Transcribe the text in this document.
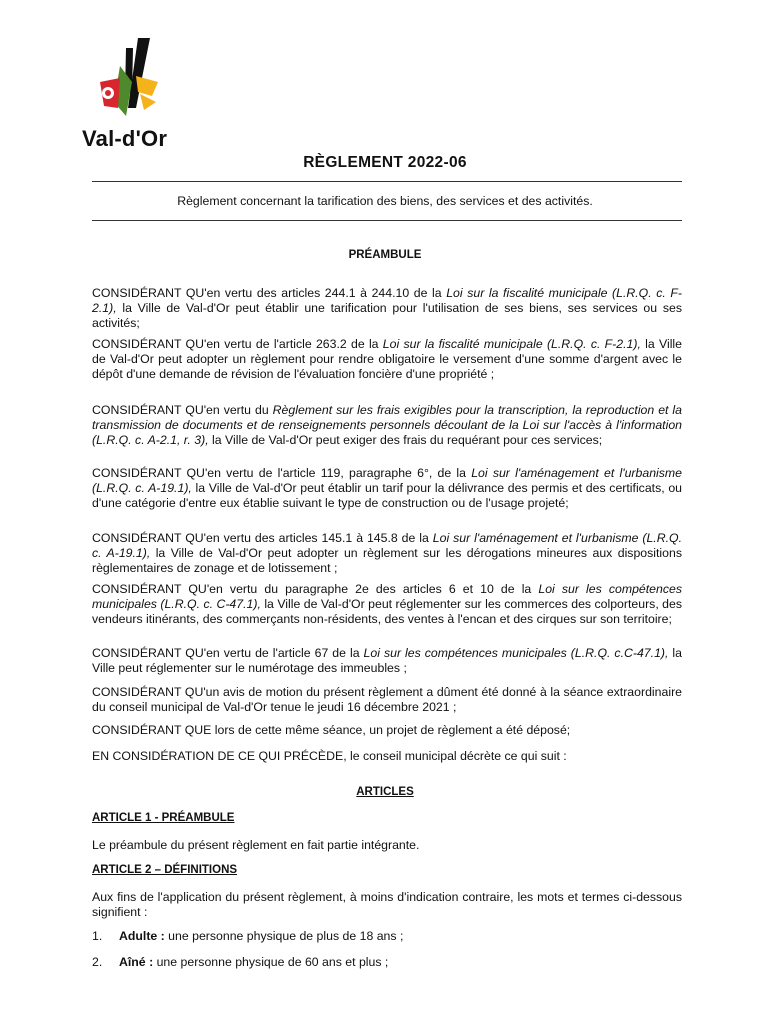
Val-d'Or
RÈGLEMENT 2022-06
Règlement concernant la tarification des biens, des services et des activités.
PRÉAMBULE
CONSIDÉRANT QU'en vertu des articles 244.1 à 244.10 de la Loi sur la fiscalité municipale (L.R.Q. c. F-2.1), la Ville de Val-d'Or peut établir une tarification pour l'utilisation de ses biens, ses services ou ses activités;
CONSIDÉRANT QU'en vertu de l'article 263.2 de la Loi sur la fiscalité municipale (L.R.Q. c. F-2.1), la Ville de Val-d'Or peut adopter un règlement pour rendre obligatoire le versement d'une somme d'argent avec le dépôt d'une demande de révision de l'évaluation foncière d'une propriété ;
CONSIDÉRANT QU'en vertu du Règlement sur les frais exigibles pour la transcription, la reproduction et la transmission de documents et de renseignements personnels découlant de la Loi sur l'accès à l'information (L.R.Q. c. A-2.1, r. 3), la Ville de Val-d'Or peut exiger des frais du requérant pour ces services;
CONSIDÉRANT QU'en vertu de l'article 119, paragraphe 6°, de la Loi sur l'aménagement et l'urbanisme (L.R.Q. c. A-19.1), la Ville de Val-d'Or peut établir un tarif pour la délivrance des permis et des certificats, ou d'une catégorie d'entre eux établie suivant le type de construction ou de l'usage projeté;
CONSIDÉRANT QU'en vertu des articles 145.1 à 145.8 de la Loi sur l'aménagement et l'urbanisme (L.R.Q. c. A-19.1), la Ville de Val-d'Or peut adopter un règlement sur les dérogations mineures aux dispositions règlementaires de zonage et de lotissement ;
CONSIDÉRANT QU'en vertu du paragraphe 2e des articles 6 et 10 de la Loi sur les compétences municipales (L.R.Q. c. C-47.1), la Ville de Val-d'Or peut réglementer sur les commerces des colporteurs, des vendeurs itinérants, des commerçants non-résidents, des ventes à l'encan et des cirques sur son territoire;
CONSIDÉRANT QU'en vertu de l'article 67 de la Loi sur les compétences municipales (L.R.Q. c.C-47.1), la Ville peut réglementer sur le numérotage des immeubles ;
CONSIDÉRANT QU'un avis de motion du présent règlement a dûment été donné à la séance extraordinaire du conseil municipal de Val-d'Or tenue le jeudi 16 décembre 2021 ;
CONSIDÉRANT QUE lors de cette même séance, un projet de règlement a été déposé;
EN CONSIDÉRATION DE CE QUI PRÉCÈDE, le conseil municipal décrète ce qui suit :
ARTICLES
ARTICLE 1 - PRÉAMBULE
Le préambule du présent règlement en fait partie intégrante.
ARTICLE 2 – DÉFINITIONS
Aux fins de l'application du présent règlement, à moins d'indication contraire, les mots et termes ci-dessous signifient :
1. Adulte : une personne physique de plus de 18 ans ;
2. Aîné : une personne physique de 60 ans et plus ;
